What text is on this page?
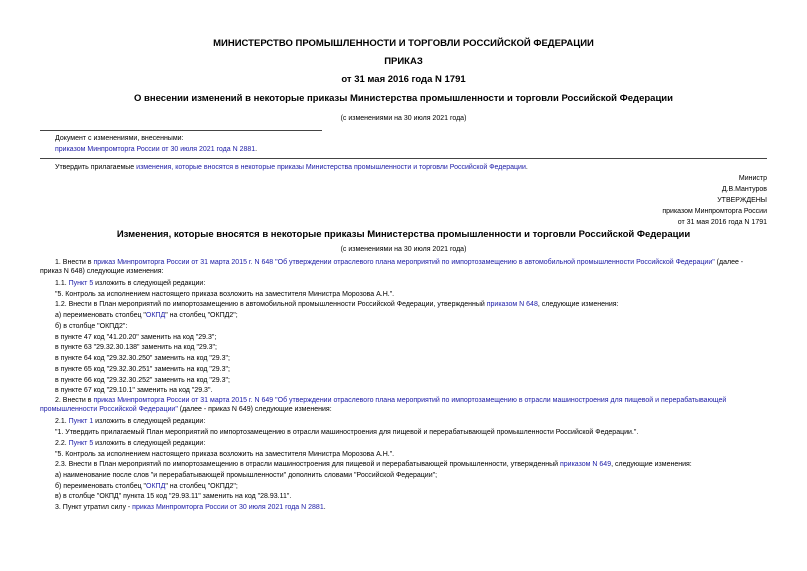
МИНИСТЕРСТВО ПРОМЫШЛЕННОСТИ И ТОРГОВЛИ РОССИЙСКОЙ ФЕДЕРАЦИИ
ПРИКАЗ
от 31 мая 2016 года N 1791
О внесении изменений в некоторые приказы Министерства промышленности и торговли Российской Федерации
(с изменениями на 30 июля 2021 года)
Документ с изменениями, внесенными:
приказом Минпромторга России от 30 июля 2021 года N 2881.
Утвердить прилагаемые изменения, которые вносятся в некоторые приказы Министерства промышленности и торговли Российской Федерации.
Министр
Д.В.Мантуров
УТВЕРЖДЕНЫ
приказом Минпромторга России
от 31 мая 2016 года N 1791
Изменения, которые вносятся в некоторые приказы Министерства промышленности и торговли Российской Федерации
(с изменениями на 30 июля 2021 года)
1. Внести в приказ Минпромторга России от 31 марта 2015 г. N 648 "Об утверждении отраслевого плана мероприятий по импортозамещению в автомобильной промышленности Российской Федерации" (далее -
приказ N 648) следующие изменения:
1.1. Пункт 5 изложить в следующей редакции:
"5. Контроль за исполнением настоящего приказа возложить на заместителя Министра Морозова А.Н.".
1.2. Внести в План мероприятий по импортозамещению в автомобильной промышленности Российской Федерации, утвержденный приказом N 648, следующие изменения:
а) переименовать столбец "ОКПД" на столбец "ОКПД2";
б) в столбце "ОКПД2":
в пункте 47 код "41.20.20" заменить на код "29.3";
в пункте 63 "29.32.30.138" заменить на код "29.3";
в пункте 64 код "29.32.30.250" заменить на код "29.3";
в пункте 65 код "29.32.30.251" заменить на код "29.3";
в пункте 66 код "29.32.30.252" заменить на код "29.3";
в пункте 67 код "29.10.1" заменить на код "29.3".
2. Внести в приказ Минпромторга России от 31 марта 2015 г. N 649 "Об утверждении отраслевого плана мероприятий по импортозамещению в отрасли машиностроения для пищевой и перерабатывающей
промышленности Российской Федерации" (далее - приказ N 649) следующие изменения:
2.1. Пункт 1 изложить в следующей редакции:
"1. Утвердить прилагаемый План мероприятий по импортозамещению в отрасли машиностроения для пищевой и перерабатывающей промышленности Российской Федерации.".
2.2. Пункт 5 изложить в следующей редакции:
"5. Контроль за исполнением настоящего приказа возложить на заместителя Министра Морозова А.Н.".
2.3. Внести в План мероприятий по импортозамещению в отрасли машиностроения для пищевой и перерабатывающей промышленности, утвержденный приказом N 649, следующие изменения:
а) наименование после слов "и перерабатывающей промышленности" дополнить словами "Российской Федерации";
б) переименовать столбец "ОКПД" на столбец "ОКПД2";
в) в столбце "ОКПД" пункта 15 код "29.93.11" заменить на код "28.93.11".
3. Пункт утратил силу - приказ Минпромторга России от 30 июля 2021 года N 2881.
